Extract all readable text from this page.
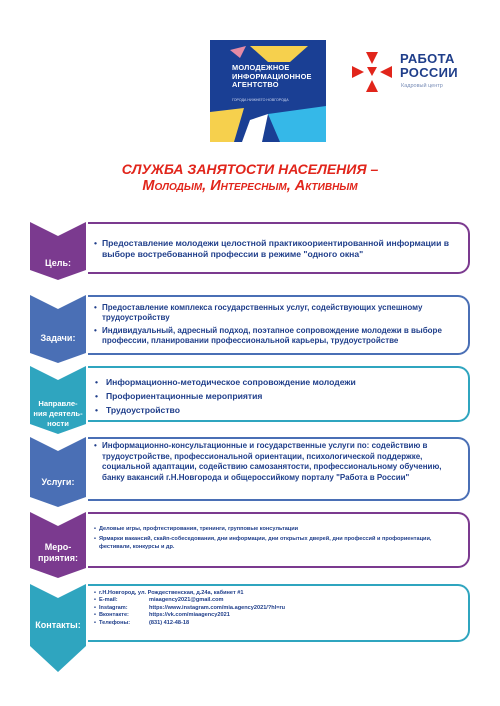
МОЛОДЕЖНОЕ
ИНФОРМАЦИОННОЕ
АГЕНТСТВО
ГОРОДА НИЖНЕГО НОВГОРОДА
РАБОТА
РОССИИ
Кадровый центр
СЛУЖБА ЗАНЯТОСТИ НАСЕЛЕНИЯ –
Молодым, Интересным, Активным
Цель:
• Предоставление молодежи целостной практикоориентированной информации в выборе востребованной профессии в режиме "одного окна"
Задачи:
• Предоставление комплекса государственных услуг, содействующих успешному трудоустройству
• Индивидуальный, адресный подход, поэтапное сопровождение молодежи в выборе профессии, планировании профессиональной карьеры, трудоустройстве
Направле-
ния деятель-
ности
• Информационно-методическое сопровождение молодежи
• Профориентационные мероприятия
• Трудоустройство
Услуги:
• Информационно-консультационные и государственные услуги по: содействию в трудоустройстве, профессиональной ориентации, психологической поддержке, социальной адаптации, содействию самозанятости, профессиональному обучению, банку вакансий г.Н.Новгорода и общероссийкому порталу "Работа в России"
Меро-
приятия:
• Деловые игры, профтестирования, тренинги, групповые консультации
• Ярмарки вакансий, скайп-собеседования, дни информации, дни открытых дверей, дни профессий и профориентации, фестивали, конкурсы и др.
Контакты:
• г.Н.Новгород, ул. Рождественская, д.24а, кабинет #1
• E-mail:	miaagency2021@gmail.com
• Instagram:	https://www.instagram.com/mia.agency2021/?hl=ru
• Вконтакте:	https://vk.com/miaagency2021
• Телефоны:	(831) 412-48-18
